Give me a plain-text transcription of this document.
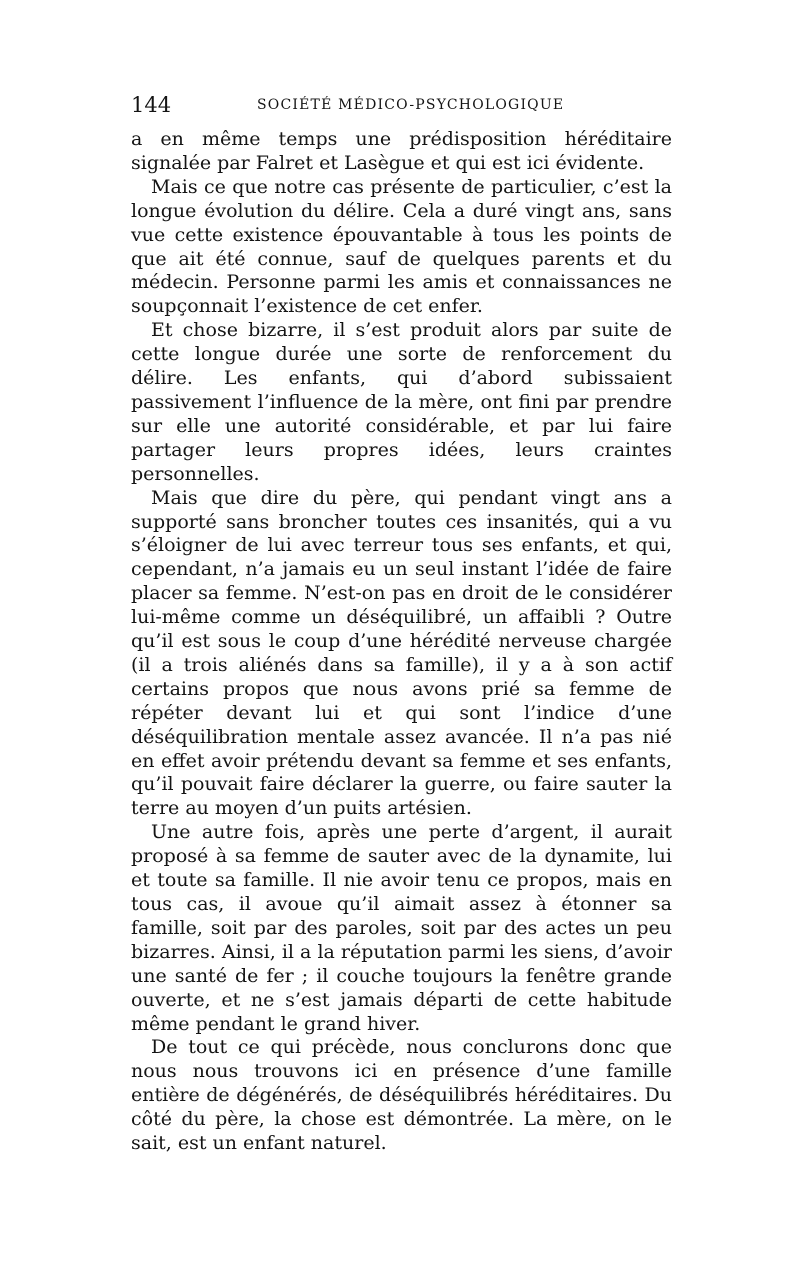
144	SOCIÉTÉ MÉDICO-PSYCHOLOGIQUE

a en même temps une prédisposition héréditaire signalée par Falret et Lasègue et qui est ici évidente.

Mais ce que notre cas présente de particulier, c’est la longue évolution du délire. Cela a duré vingt ans, sans vue cette existence épouvantable à tous les points de que ait été connue, sauf de quelques parents et du médecin. Personne parmi les amis et connaissances ne soupçonnait l’existence de cet enfer.

Et chose bizarre, il s’est produit alors par suite de cette longue durée une sorte de renforcement du délire. Les enfants, qui d’abord subissaient passivement l’influence de la mère, ont fini par prendre sur elle une autorité considérable, et par lui faire partager leurs propres idées, leurs craintes personnelles.

Mais que dire du père, qui pendant vingt ans a supporté sans broncher toutes ces insanités, qui a vu s’éloigner de lui avec terreur tous ses enfants, et qui, cependant, n’a jamais eu un seul instant l’idée de faire placer sa femme. N’est-on pas en droit de le considérer lui-même comme un déséquilibré, un affaibli ? Outre qu’il est sous le coup d’une hérédité nerveuse chargée (il a trois aliénés dans sa famille), il y a à son actif certains propos que nous avons prié sa femme de répéter devant lui et qui sont l’indice d’une déséquilibration mentale assez avancée. Il n’a pas nié en effet avoir prétendu devant sa femme et ses enfants, qu’il pouvait faire déclarer la guerre, ou faire sauter la terre au moyen d’un puits artésien.

Une autre fois, après une perte d’argent, il aurait proposé à sa femme de sauter avec de la dynamite, lui et toute sa famille. Il nie avoir tenu ce propos, mais en tous cas, il avoue qu’il aimait assez à étonner sa famille, soit par des paroles, soit par des actes un peu bizarres. Ainsi, il a la réputation parmi les siens, d’avoir une santé de fer ; il couche toujours la fenêtre grande ouverte, et ne s’est jamais départi de cette habitude même pendant le grand hiver.

De tout ce qui précède, nous conclurons donc que nous nous trouvons ici en présence d’une famille entière de dégénérés, de déséquilibrés héréditaires. Du côté du père, la chose est démontrée. La mère, on le sait, est un enfant naturel.
